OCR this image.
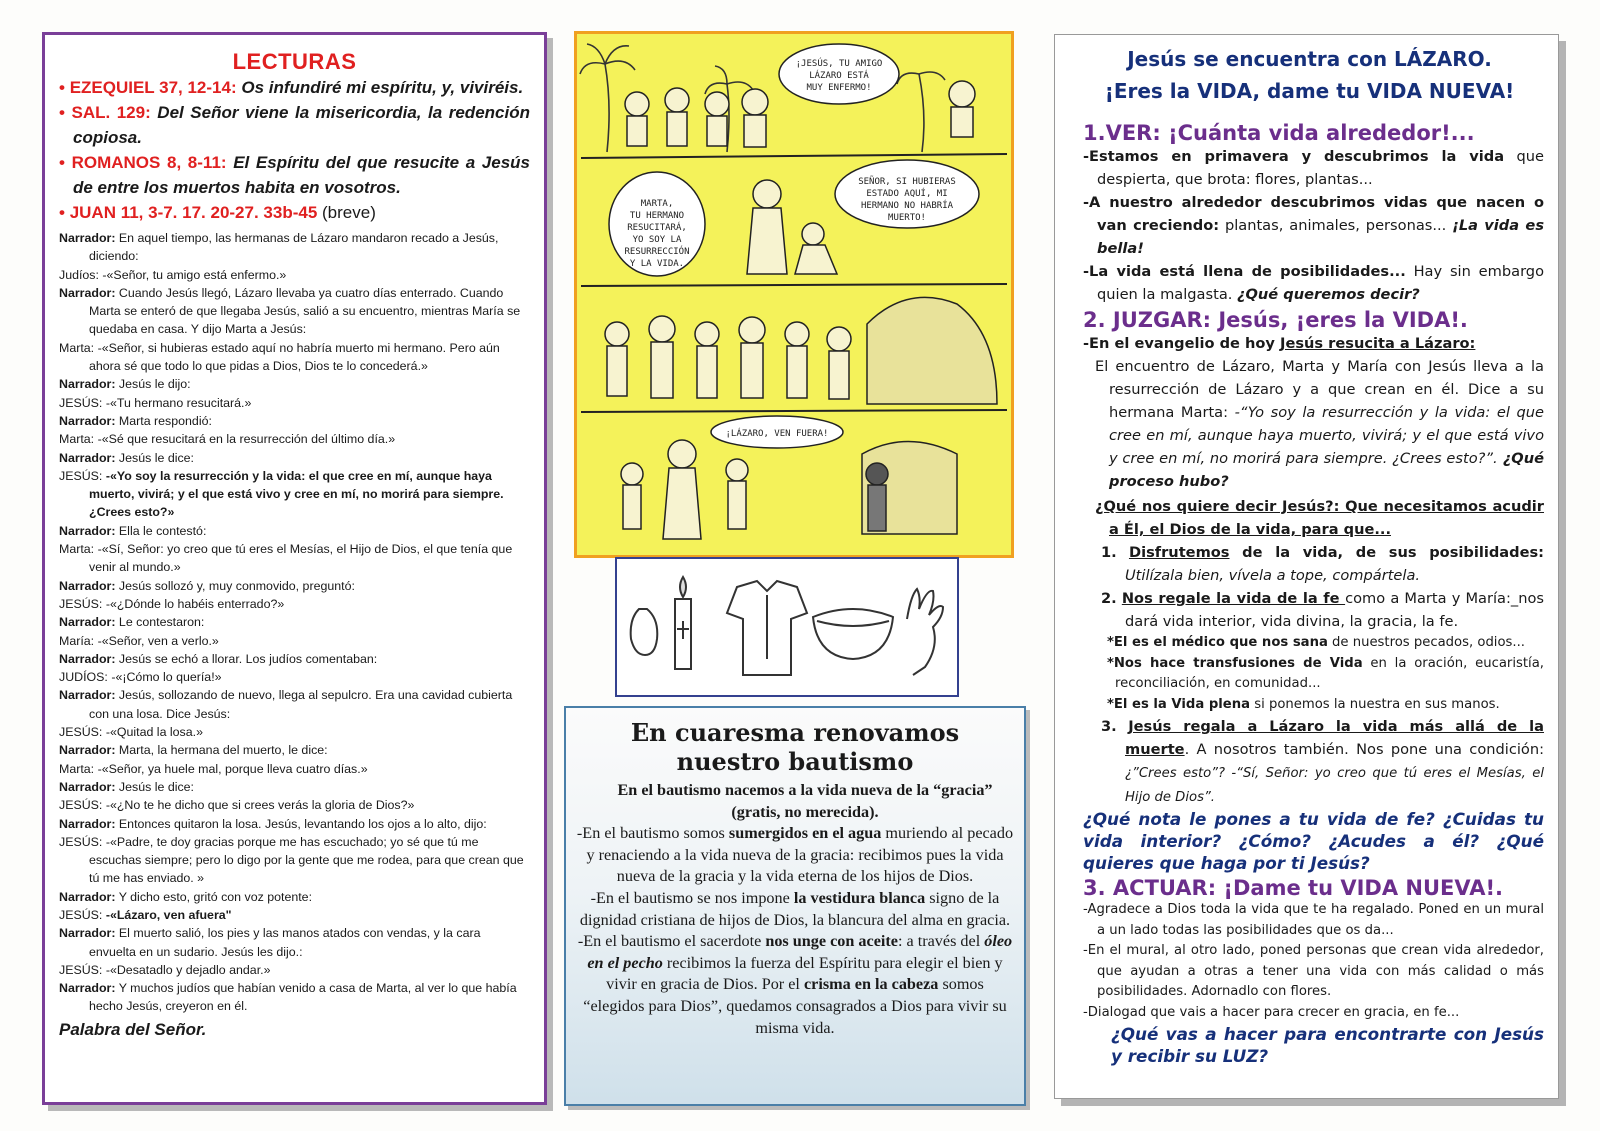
LECTURAS

• EZEQUIEL 37, 12-14: Os infundiré mi espíritu, y, viviréis.

• SAL. 129: Del Señor viene la misericordia, la redención copiosa.

• ROMANOS 8, 8-11: El Espíritu del que resucite a Jesús de entre los muertos habita en vosotros.

• JUAN 11, 3-7. 17. 20-27. 33b-45 (breve)

Narrador: En aquel tiempo, las hermanas de Lázaro mandaron recado a Jesús, diciendo:

Judíos: -«Señor, tu amigo está enfermo.»

Narrador: Cuando Jesús llegó, Lázaro llevaba ya cuatro días enterrado. Cuando Marta se enteró de que llegaba Jesús, salió a su encuentro, mientras María se quedaba en casa. Y dijo Marta a Jesús:

Marta: -«Señor, si hubieras estado aquí no habría muerto mi hermano. Pero aún ahora sé que todo lo que pidas a Dios, Dios te lo concederá.»

Narrador: Jesús le dijo:

JESÚS: -«Tu hermano resucitará.»

Narrador: Marta respondió:

Marta: -«Sé que resucitará en la resurrección del último día.»

Narrador: Jesús le dice:

JESÚS: -«Yo soy la resurrección y la vida: el que cree en mí, aunque haya muerto, vivirá; y el que está vivo y cree en mí, no morirá para siempre. ¿Crees esto?»

Narrador: Ella le contestó:

Marta: -«Sí, Señor: yo creo que tú eres el Mesías, el Hijo de Dios, el que tenía que venir al mundo.»

Narrador: Jesús sollozó y, muy conmovido, preguntó:

JESÚS: -«¿Dónde lo habéis enterrado?»

Narrador: Le contestaron:

María: -«Señor, ven a verlo.»

Narrador: Jesús se echó a llorar. Los judíos comentaban:

JUDÍOS: -«¡Cómo lo quería!»

Narrador: Jesús, sollozando de nuevo, llega al sepulcro. Era una cavidad cubierta con una losa. Dice Jesús:

JESÚS: -«Quitad la losa.»

Narrador: Marta, la hermana del muerto, le dice:

Marta: -«Señor, ya huele mal, porque lleva cuatro días.»

Narrador: Jesús le dice:

JESÚS: -«¿No te he dicho que si crees verás la gloria de Dios?»

Narrador: Entonces quitaron la losa. Jesús, levantando los ojos a lo alto, dijo:

JESÚS: -«Padre, te doy gracias porque me has escuchado; yo sé que tú me escuchas siempre; pero lo digo por la gente que me rodea, para que crean que tú me has enviado. »

Narrador: Y dicho esto, gritó con voz potente:

JESÚS: -«Lázaro, ven afuera"

Narrador: El muerto salió, los pies y las manos atados con vendas, y la cara envuelta en un sudario. Jesús les dijo.:

JESÚS: -«Desatadlo y dejadlo andar.»

Narrador: Y muchos judíos que habían venido a casa de Marta, al ver lo que había hecho Jesús, creyeron en él.

Palabra del Señor.
¡JESÚS, TU AMIGO
LÁZARO ESTÁ
MUY ENFERMO!
MARTA,
TU HERMANO
RESUCITARÁ,
YO SOY LA
RESURRECCIÓN
Y LA VIDA.
SEÑOR, SI HUBIERAS
ESTADO AQUÍ, MI
HERMANO NO HABRÍA
MUERTO!
¡LÁZARO, VEN FUERA!
En cuaresma renovamos nuestro bautismo

En el bautismo nacemos a la vida nueva de la “gracia” (gratis, no merecida).

-En el bautismo somos sumergidos en el agua muriendo al pecado y renaciendo a la vida nueva de la gracia: recibimos pues la vida nueva de la gracia y la vida eterna de los hijos de Dios.

-En el bautismo se nos impone la vestidura blanca signo de la dignidad cristiana de hijos de Dios, la blancura del alma en gracia.

-En el bautismo el sacerdote nos unge con aceite: a través del óleo en el pecho recibimos la fuerza del Espíritu para elegir el bien y vivir en gracia de Dios. Por el crisma en la cabeza somos “elegidos para Dios”, quedamos consagrados a Dios para vivir su misma vida.

Jesús se encuentra con LÁZARO.
¡Eres la VIDA, dame tu VIDA NUEVA!
1.VER: ¡Cuánta vida alrededor!...

-Estamos en primavera y descubrimos la vida que despierta, que brota: flores, plantas...

-A nuestro alrededor descubrimos vidas que nacen o van creciendo: plantas, animales, personas... ¡La vida es bella!

-La vida está llena de posibilidades... Hay sin embargo quien la malgasta. ¿Qué queremos decir?

2. JUZGAR: Jesús, ¡eres la VIDA!.

-En el evangelio de hoy Jesús resucita a Lázaro:

El encuentro de Lázaro, Marta y María con Jesús lleva a la resurrección de Lázaro y a que crean en él. Dice a su hermana Marta: -“Yo soy la resurrección y la vida: el que cree en mí, aunque haya muerto, vivirá; y el que está vivo y cree en mí, no morirá para siempre. ¿Crees esto?”. ¿Qué proceso hubo?

¿Qué nos quiere decir Jesús?: Que necesitamos acudir a Él, el Dios de la vida, para que...

1. Disfrutemos de la vida, de sus posibilidades: Utilízala bien, vívela a tope, compártela.

2. Nos regale la vida de la fe como a Marta y María:_nos dará vida interior, vida divina, la gracia, la fe.

*El es el médico que nos sana de nuestros pecados, odios...

*Nos hace transfusiones de Vida en la oración, eucaristía, reconciliación, en comunidad...

*El es la Vida plena si ponemos la nuestra en sus manos.

3. Jesús regala a Lázaro la vida más allá de la muerte. A nosotros también. Nos pone una condición: ¿”Crees esto”? -“Sí, Señor: yo creo que tú eres el Mesías, el Hijo de Dios”.

¿Qué nota le pones a tu vida de fe? ¿Cuidas tu vida interior? ¿Cómo? ¿Acudes a él? ¿Qué quieres que haga por ti Jesús?

3. ACTUAR: ¡Dame tu VIDA NUEVA!.

-Agradece a Dios toda la vida que te ha regalado. Poned en un mural a un lado todas las posibilidades que os da...

-En el mural, al otro lado, poned personas que crean vida alrededor, que ayudan a otras a tener una vida con más calidad o más posibilidades. Adornadlo con flores.

-Dialogad que vais a hacer para crecer en gracia, en fe...

¿Qué vas a hacer para encontrarte con Jesús y recibir su LUZ?
